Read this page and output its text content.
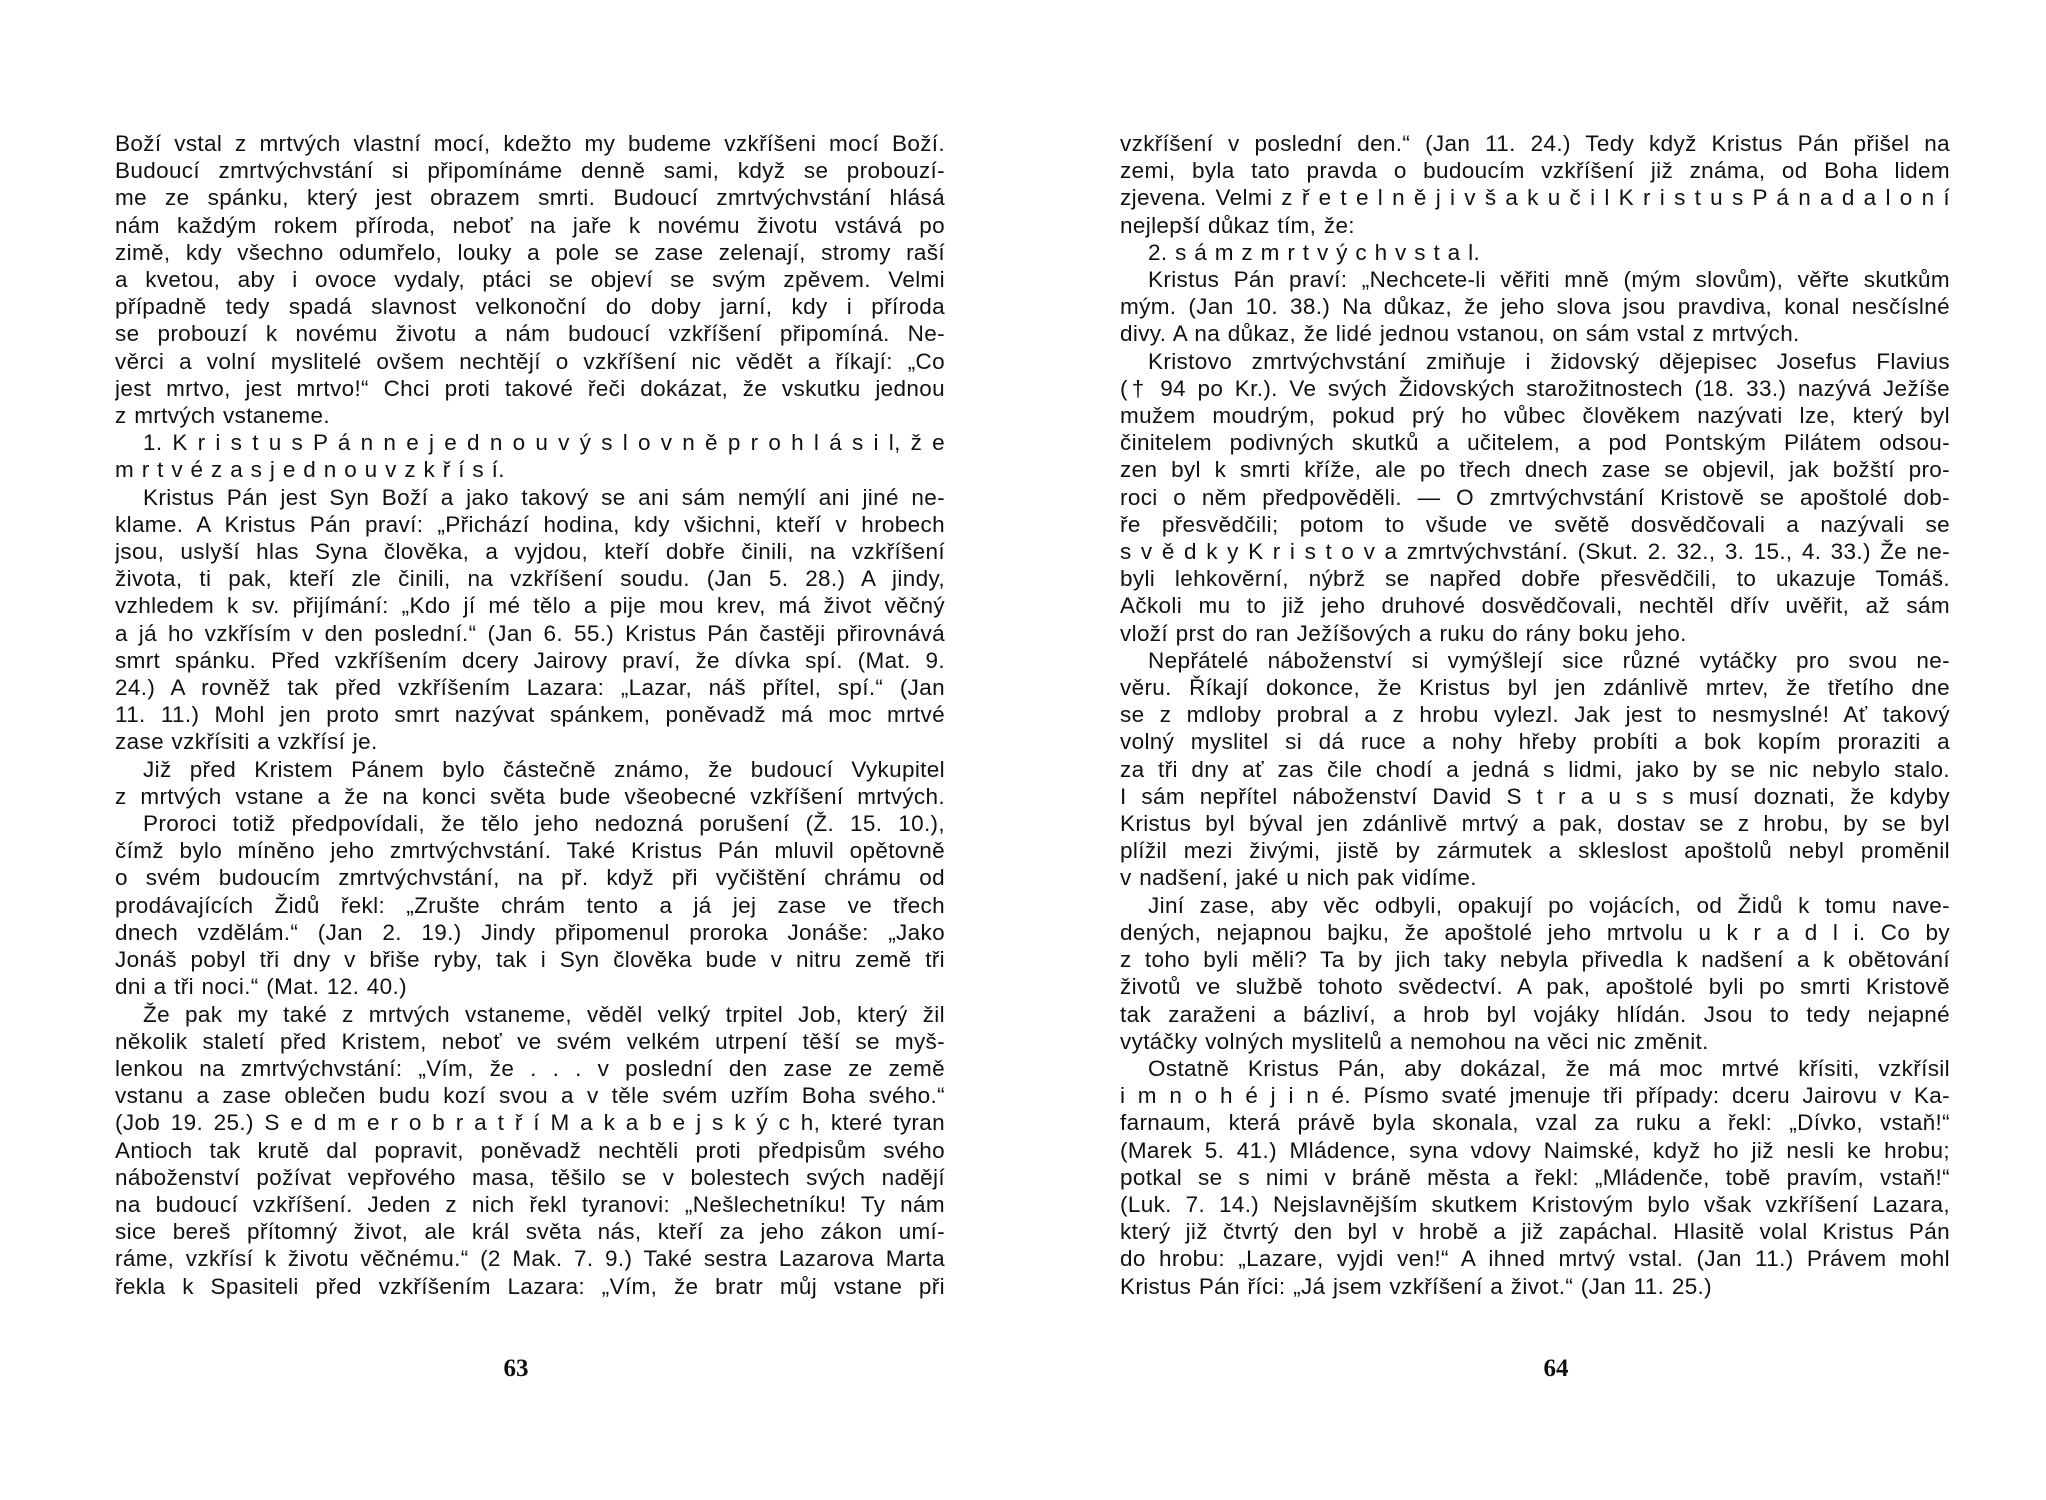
Boží vstal z mrtvých vlastní mocí, kdežto my budeme vzkříšeni mocí Boží.
Budoucí zmrtvýchvstání si připomínáme denně sami, když se probouzí-
me ze spánku, který jest obrazem smrti. Budoucí zmrtvýchvstání hlásá
nám každým rokem příroda, neboť na jaře k novému životu vstává po
zimě, kdy všechno odumřelo, louky a pole se zase zelenají, stromy raší
a kvetou, aby i ovoce vydaly, ptáci se objeví se svým zpěvem. Velmi
případně tedy spadá slavnost velkonoční do doby jarní, kdy i příroda
se probouzí k novému životu a nám budoucí vzkříšení připomíná. Ne-
věrci a volní myslitelé ovšem nechtějí o vzkříšení nic vědět a říkají: „Co
jest mrtvo, jest mrtvo!“ Chci proti takové řeči dokázat, že vskutku jednou
z mrtvých vstaneme.
1. K r i s t u s P á n n e j e d n o u v ý s l o v n ě p r o h l á s i l, ž e
m r t v é z a s j e d n o u v z k ř í s í.
Kristus Pán jest Syn Boží a jako takový se ani sám nemýlí ani jiné ne-
klame. A Kristus Pán praví: „Přichází hodina, kdy všichni, kteří v hrobech
jsou, uslyší hlas Syna člověka, a vyjdou, kteří dobře činili, na vzkříšení
života, ti pak, kteří zle činili, na vzkříšení soudu. (Jan 5. 28.) A jindy,
vzhledem k sv. přijímání: „Kdo jí mé tělo a pije mou krev, má život věčný
a já ho vzkřísím v den poslední.“ (Jan 6. 55.) Kristus Pán častěji přirovnává
smrt spánku. Před vzkříšením dcery Jairovy praví, že dívka spí. (Mat. 9.
24.) A rovněž tak před vzkříšením Lazara: „Lazar, náš přítel, spí.“ (Jan
11. 11.) Mohl jen proto smrt nazývat spánkem, poněvadž má moc mrtvé
zase vzkřísiti a vzkřísí je.
Již před Kristem Pánem bylo částečně známo, že budoucí Vykupitel
z mrtvých vstane a že na konci světa bude všeobecné vzkříšení mrtvých.
Proroci totiž předpovídali, že tělo jeho nedozná porušení (Ž. 15. 10.),
čímž bylo míněno jeho zmrtvýchvstání. Také Kristus Pán mluvil opětovně
o svém budoucím zmrtvýchvstání, na př. když při vyčištění chrámu od
prodávajících Židů řekl: „Zrušte chrám tento a já jej zase ve třech
dnech vzdělám.“ (Jan 2. 19.) Jindy připomenul proroka Jonáše: „Jako
Jonáš pobyl tři dny v břiše ryby, tak i Syn člověka bude v nitru země tři
dni a tři noci.“ (Mat. 12. 40.)
Že pak my také z mrtvých vstaneme, věděl velký trpitel Job, který žil
několik staletí před Kristem, neboť ve svém velkém utrpení těší se myš-
lenkou na zmrtvýchvstání: „Vím, že . . . v poslední den zase ze země
vstanu a zase oblečen budu kozí svou a v těle svém uzřím Boha svého.“
(Job 19. 25.) S e d m e r o b r a t ř í M a k a b e j s k ý c h, které tyran
Antioch tak krutě dal popravit, poněvadž nechtěli proti předpisům svého
náboženství požívat vepřového masa, těšilo se v bolestech svých nadějí
na budoucí vzkříšení. Jeden z nich řekl tyranovi: „Nešlechetníku! Ty nám
sice bereš přítomný život, ale král světa nás, kteří za jeho zákon umí-
ráme, vzkřísí k životu věčnému.“ (2 Mak. 7. 9.) Také sestra Lazarova Marta
řekla k Spasiteli před vzkříšením Lazara: „Vím, že bratr můj vstane při
63
vzkříšení v poslední den.“ (Jan 11. 24.) Tedy když Kristus Pán přišel na
zemi, byla tato pravda o budoucím vzkříšení již známa, od Boha lidem
zjevena. Velmi z ř e t e l n ě j i v š a k u č i l K r i s t u s P á n a d a l o n í
nejlepší důkaz tím, že:
2. s á m z m r t v ý c h v s t a l.
Kristus Pán praví: „Nechcete-li věřiti mně (mým slovům), věřte skutkům
mým. (Jan 10. 38.) Na důkaz, že jeho slova jsou pravdiva, konal nesčíslné
divy. A na důkaz, že lidé jednou vstanou, on sám vstal z mrtvých.
Kristovo zmrtvýchvstání zmiňuje i židovský dějepisec Josefus Flavius
(† 94 po Kr.). Ve svých Židovských starožitnostech (18. 33.) nazývá Ježíše
mužem moudrým, pokud prý ho vůbec člověkem nazývati lze, který byl
činitelem podivných skutků a učitelem, a pod Pontským Pilátem odsou-
zen byl k smrti kříže, ale po třech dnech zase se objevil, jak božští pro-
roci o něm předpověděli. — O zmrtvýchvstání Kristově se apoštolé dob-
ře přesvědčili; potom to všude ve světě dosvědčovali a nazývali se
s v ě d k y K r i s t o v a zmrtvýchvstání. (Skut. 2. 32., 3. 15., 4. 33.) Že ne-
byli lehkověrní, nýbrž se napřed dobře přesvědčili, to ukazuje Tomáš.
Ačkoli mu to již jeho druhové dosvědčovali, nechtěl dřív uvěřit, až sám
vloží prst do ran Ježíšových a ruku do rány boku jeho.
Nepřátelé náboženství si vymýšlejí sice různé vytáčky pro svou ne-
věru. Říkají dokonce, že Kristus byl jen zdánlivě mrtev, že třetího dne
se z mdloby probral a z hrobu vylezl. Jak jest to nesmyslné! Ať takový
volný myslitel si dá ruce a nohy hřeby probíti a bok kopím proraziti a
za tři dny ať zas čile chodí a jedná s lidmi, jako by se nic nebylo stalo.
I sám nepřítel náboženství David S t r a u s s musí doznati, že kdyby
Kristus byl býval jen zdánlivě mrtvý a pak, dostav se z hrobu, by se byl
plížil mezi živými, jistě by zármutek a skleslost apoštolů nebyl proměnil
v nadšení, jaké u nich pak vidíme.
Jiní zase, aby věc odbyli, opakují po vojácích, od Židů k tomu nave-
dených, nejapnou bajku, že apoštolé jeho mrtvolu u k r a d l i. Co by
z toho byli měli? Ta by jich taky nebyla přivedla k nadšení a k obětování
životů ve službě tohoto svědectví. A pak, apoštolé byli po smrti Kristově
tak zaraženi a bázliví, a hrob byl vojáky hlídán. Jsou to tedy nejapné
vytáčky volných myslitelů a nemohou na věci nic změnit.
Ostatně Kristus Pán, aby dokázal, že má moc mrtvé křísiti, vzkřísil
i m n o h é j i n é. Písmo svaté jmenuje tři případy: dceru Jairovu v Ka-
farnaum, která právě byla skonala, vzal za ruku a řekl: „Dívko, vstaň!“
(Marek 5. 41.) Mládence, syna vdovy Naimské, když ho již nesli ke hrobu;
potkal se s nimi v bráně města a řekl: „Mládenče, tobě pravím, vstaň!“
(Luk. 7. 14.) Nejslavnějším skutkem Kristovým bylo však vzkříšení Lazara,
který již čtvrtý den byl v hrobě a již zapáchal. Hlasitě volal Kristus Pán
do hrobu: „Lazare, vyjdi ven!“ A ihned mrtvý vstal. (Jan 11.) Právem mohl
Kristus Pán říci: „Já jsem vzkříšení a život.“ (Jan 11. 25.)
64
